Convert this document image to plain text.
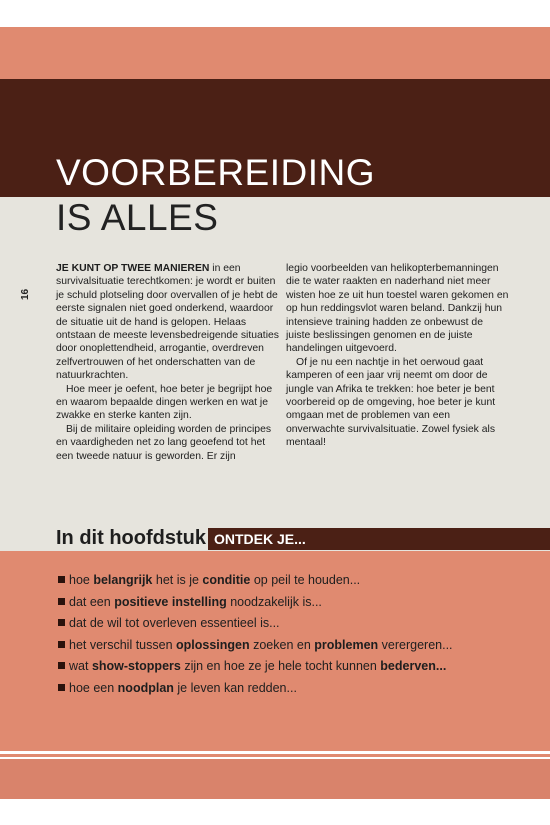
VOORBEREIDING
IS ALLES
16

JE KUNT OP TWEE MANIEREN in een survivalsituatie terechtkomen: je wordt er buiten je schuld plotseling door overvallen of je hebt de eerste signalen niet goed onderkend, waardoor de situatie uit de hand is gelopen. Helaas ontstaan de meeste levensbedreigende situaties door onoplettendheid, arrogantie, overdreven zelfvertrouwen of het onderschatten van de natuurkrachten.

Hoe meer je oefent, hoe beter je begrijpt hoe en waarom bepaalde dingen werken en wat je zwakke en sterke kanten zijn.

Bij de militaire opleiding worden de principes en vaardigheden net zo lang geoefend tot het een tweede natuur is geworden. Er zijn

legio voorbeelden van helikopterbemanningen die te water raakten en naderhand niet meer wisten hoe ze uit hun toestel waren gekomen en op hun reddingsvlot waren beland. Dankzij hun intensieve training hadden ze onbewust de juiste beslissingen genomen en de juiste handelingen uitgevoerd.

Of je nu een nachtje in het oerwoud gaat kamperen of een jaar vrij neemt om door de jungle van Afrika te trekken: hoe beter je bent voorbereid op de omgeving, hoe beter je kunt omgaan met de problemen van een onverwachte survivalsituatie. Zowel fysiek als mentaal!

In dit hoofdstuk ONTDEK JE...
hoe belangrijk het is je conditie op peil te houden...
dat een positieve instelling noodzakelijk is...
dat de wil tot overleven essentieel is...
het verschil tussen oplossingen zoeken en problemen verergeren...
wat show-stoppers zijn en hoe ze je hele tocht kunnen bederven...
hoe een noodplan je leven kan redden...
